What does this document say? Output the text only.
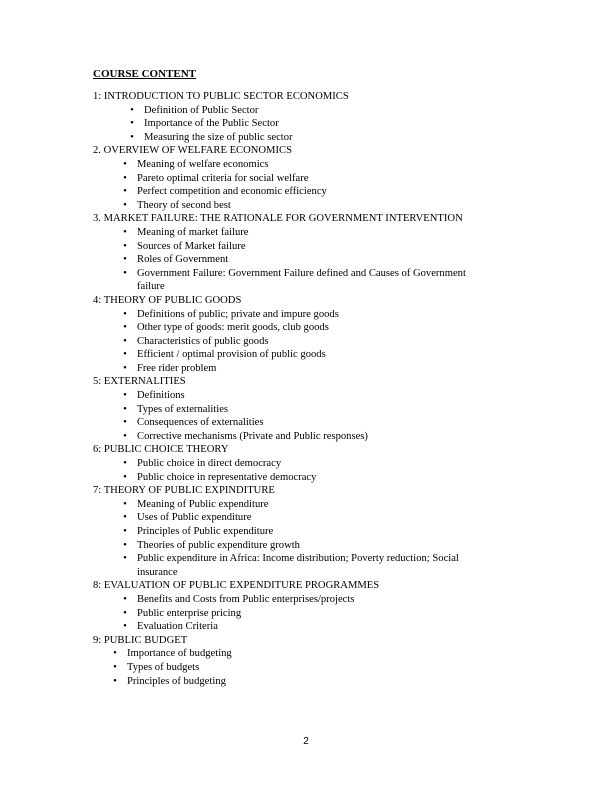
COURSE CONTENT
1: INTRODUCTION TO PUBLIC SECTOR ECONOMICS
• Definition of Public Sector
• Importance of the Public Sector
• Measuring the size of public sector
2. OVERVIEW OF WELFARE ECONOMICS
• Meaning of welfare economics
• Pareto optimal criteria for social welfare
• Perfect competition and economic efficiency
• Theory of second best
3. MARKET FAILURE: THE RATIONALE FOR GOVERNMENT INTERVENTION
• Meaning of market failure
• Sources of Market failure
• Roles of Government
• Government Failure: Government Failure defined and Causes of Government failure
4: THEORY OF PUBLIC GOODS
• Definitions of public; private and impure goods
• Other type of goods: merit goods, club goods
• Characteristics of public goods
• Efficient / optimal provision of public goods
• Free rider problem
5: EXTERNALITIES
• Definitions
• Types of externalities
• Consequences of externalities
• Corrective mechanisms (Private and Public responses)
6: PUBLIC CHOICE THEORY
• Public choice in direct democracy
• Public choice in representative democracy
7: THEORY OF PUBLIC EXPINDITURE
• Meaning of Public expenditure
• Uses of Public expenditure
• Principles of Public expenditure
• Theories of public expenditure growth
• Public expenditure in Africa: Income distribution; Poverty reduction; Social insurance
8: EVALUATION OF PUBLIC EXPENDITURE PROGRAMMES
• Benefits and Costs from Public enterprises/projects
• Public enterprise pricing
• Evaluation Criteria
9: PUBLIC BUDGET
• Importance of budgeting
• Types of budgets
• Principles of budgeting
2
